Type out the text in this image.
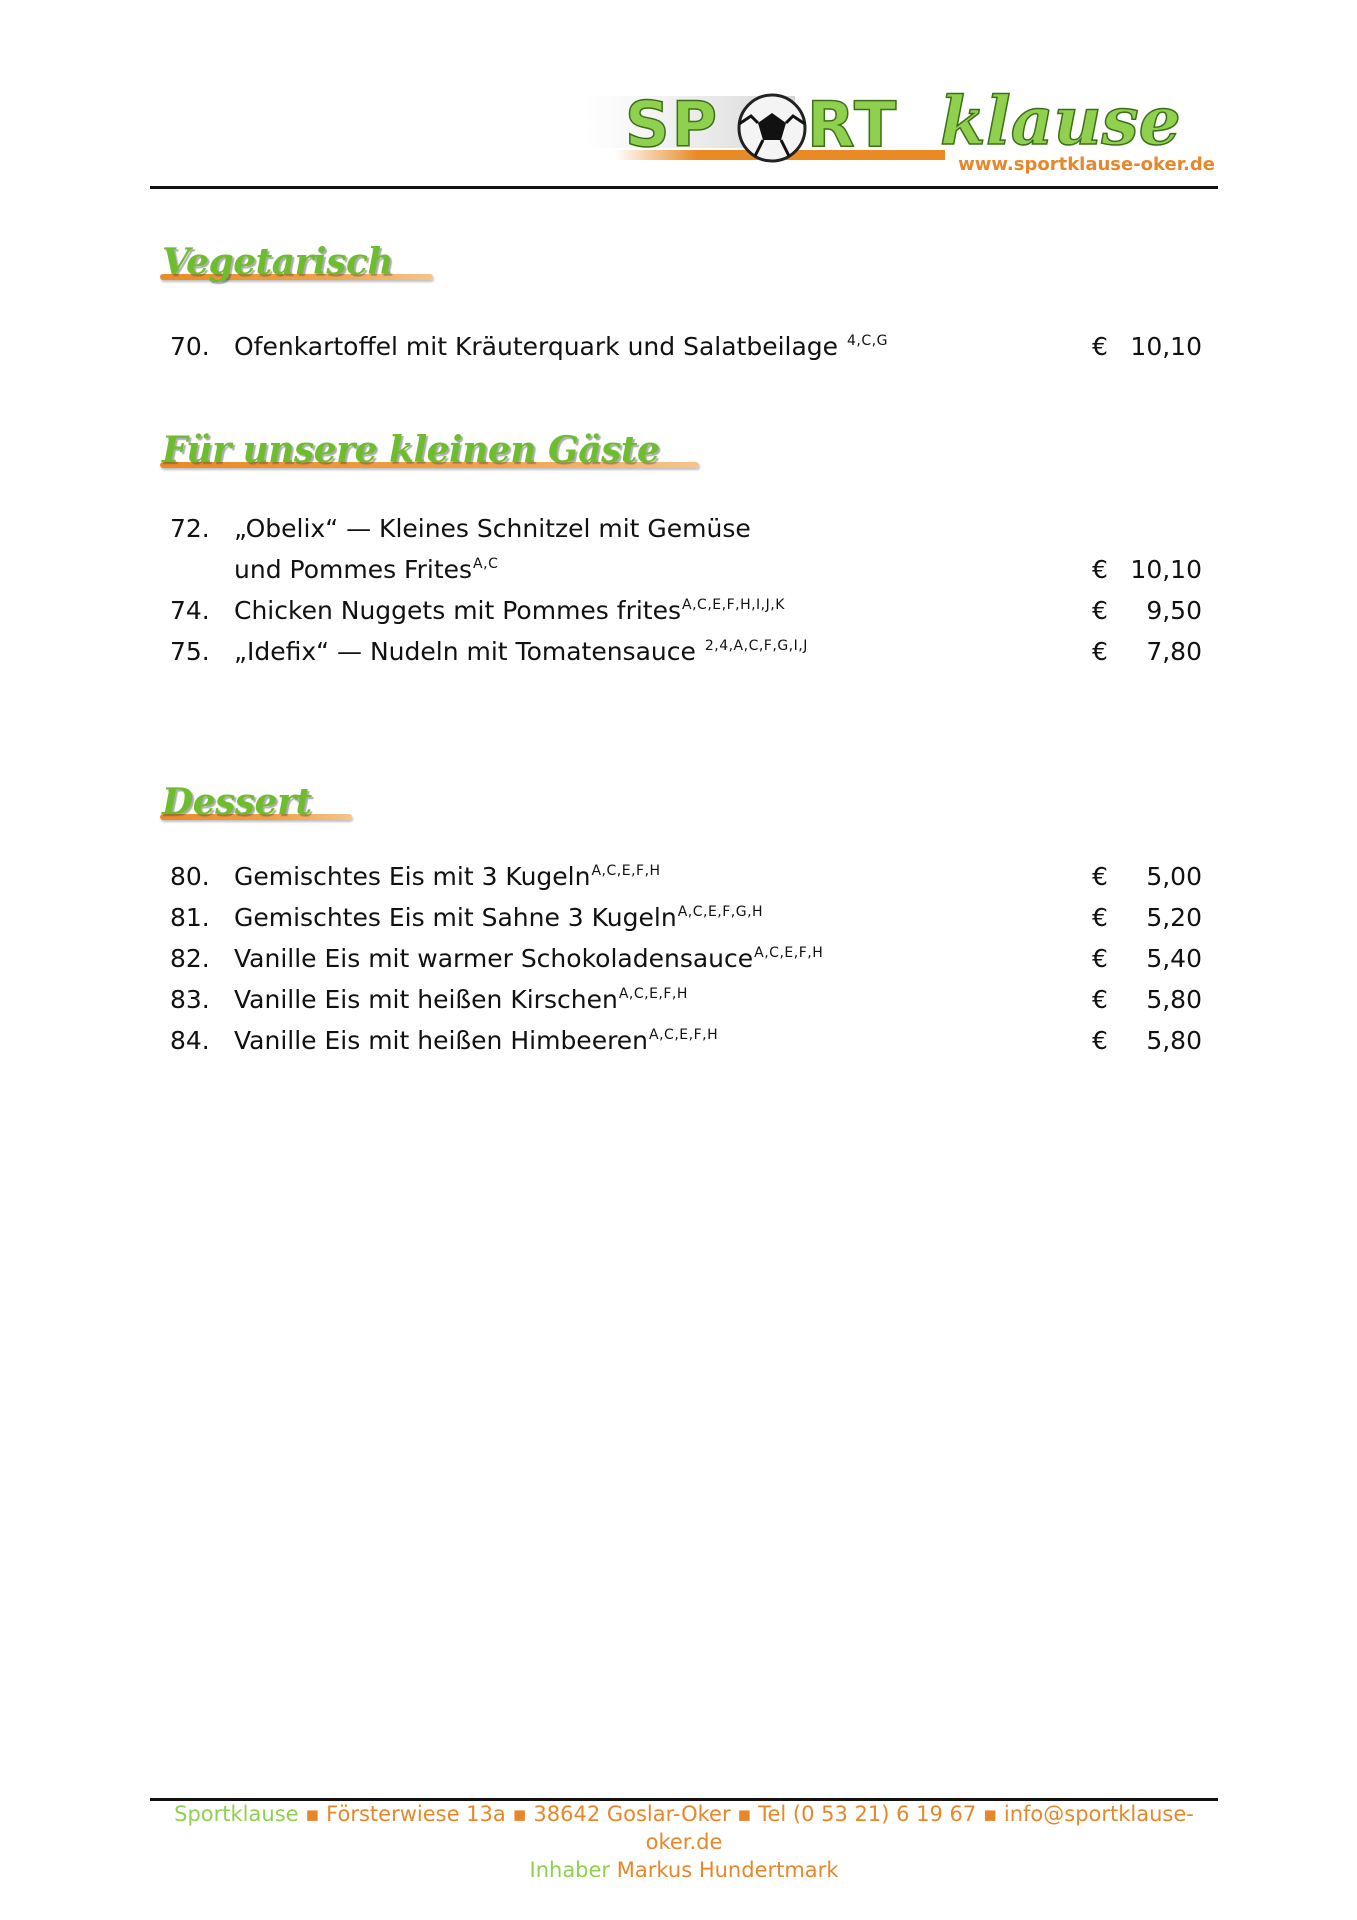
SP RT klause
www.sportklause-oker.de
Vegetarisch
Für unsere kleinen Gäste
Dessert
70. Ofenkartoffel mit Kräuterquark und Salatbeilage $^{4,C,G}$	€ 10,10
72. „Obelix“ — Kleines Schnitzel mit Gemüse
und Pommes Frites$^{A,C}$	€ 10,10
74. Chicken Nuggets mit Pommes frites$^{A,C,E,F,H,I,J,K}$	€ 9,50
75. „Idefix“ — Nudeln mit Tomatensauce $^{2,4,A,C,F,G,I,J}$	€ 7,80
80. Gemischtes Eis mit 3 Kugeln$^{A,C,E,F,H}$	€ 5,00
81. Gemischtes Eis mit Sahne 3 Kugeln$^{A,C,E,F,G,H}$	€ 5,20
82. Vanille Eis mit warmer Schokoladensauce$^{A,C,E,F,H}$	€ 5,40
83. Vanille Eis mit heißen Kirschen$^{A,C,E,F,H}$	€ 5,80
84. Vanille Eis mit heißen Himbeeren$^{A,C,E,F,H}$	€ 5,80
Sportklause ▪ Försterwiese 13a ▪ 38642 Goslar-Oker ▪ Tel (0 53 21) 6 19 67 ▪ info@sportklause-oker.de
Inhaber Markus Hundertmark
